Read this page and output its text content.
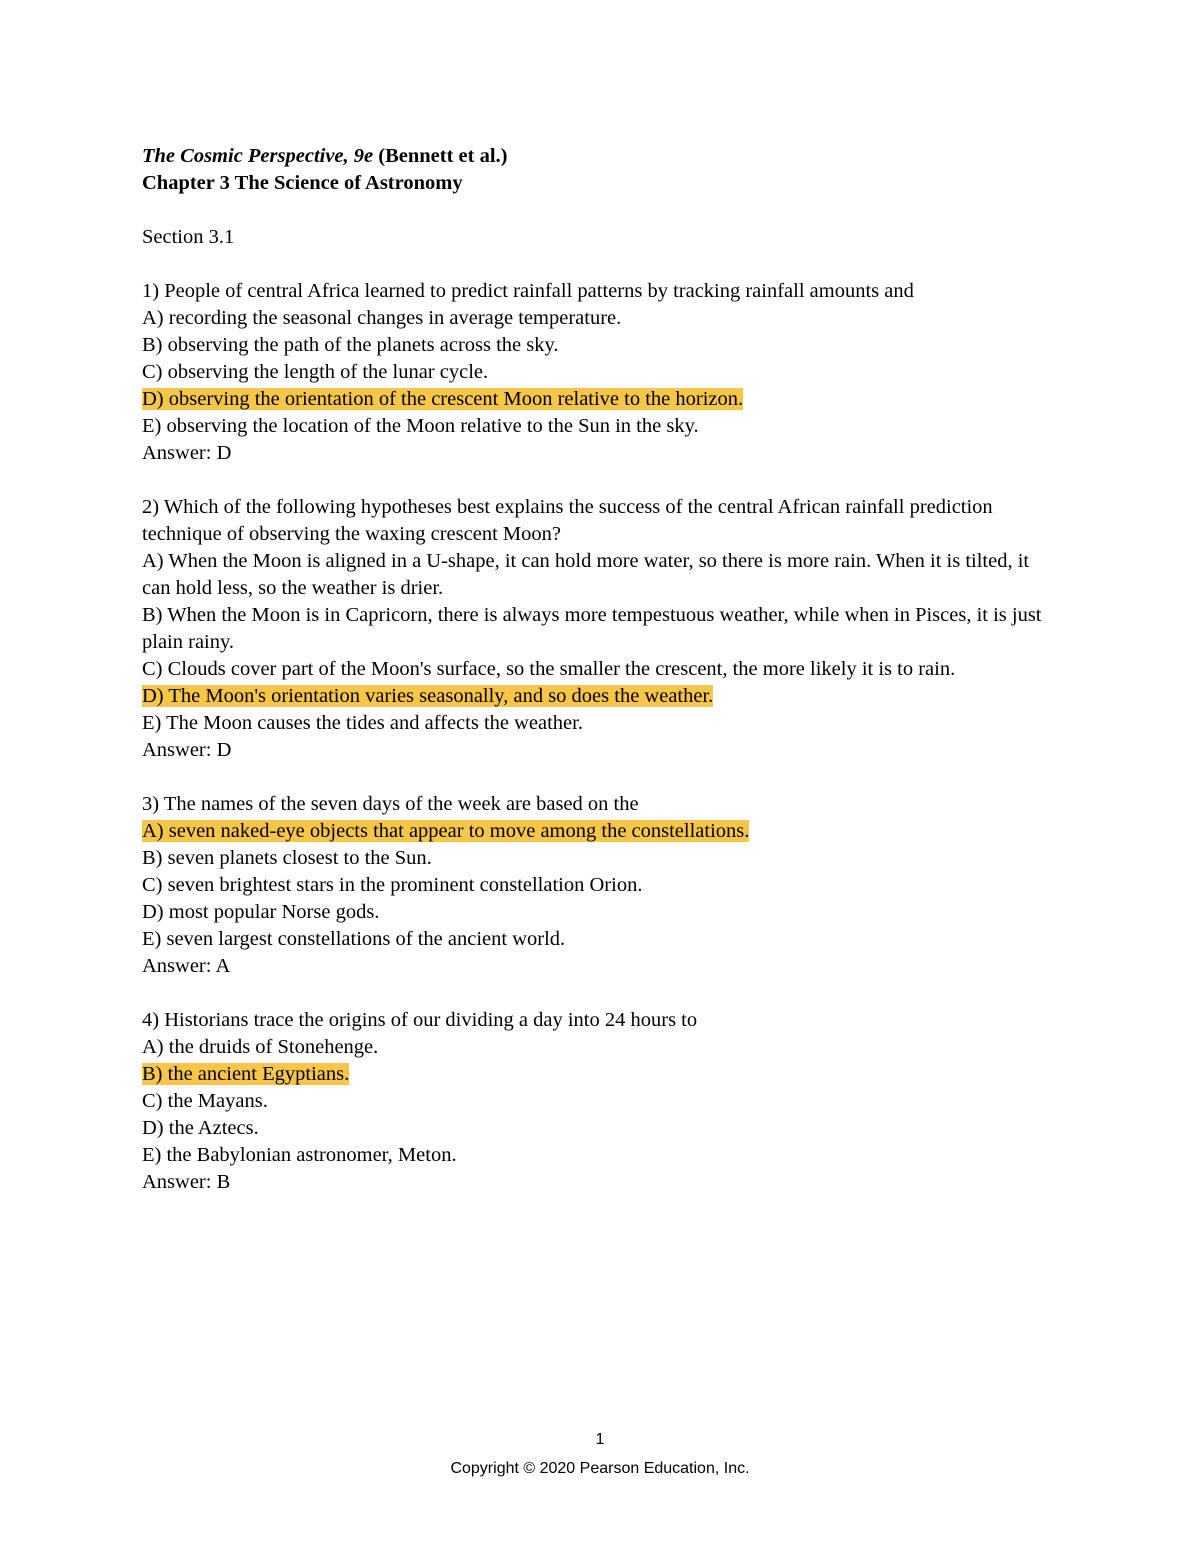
The Cosmic Perspective, 9e (Bennett et al.)
Chapter 3 The Science of Astronomy
Section 3.1
1) People of central Africa learned to predict rainfall patterns by tracking rainfall amounts and
A) recording the seasonal changes in average temperature.
B) observing the path of the planets across the sky.
C) observing the length of the lunar cycle.
D) observing the orientation of the crescent Moon relative to the horizon.
E) observing the location of the Moon relative to the Sun in the sky.
Answer: D
2) Which of the following hypotheses best explains the success of the central African rainfall prediction technique of observing the waxing crescent Moon?
A) When the Moon is aligned in a U-shape, it can hold more water, so there is more rain. When it is tilted, it can hold less, so the weather is drier.
B) When the Moon is in Capricorn, there is always more tempestuous weather, while when in Pisces, it is just plain rainy.
C) Clouds cover part of the Moon's surface, so the smaller the crescent, the more likely it is to rain.
D) The Moon's orientation varies seasonally, and so does the weather.
E) The Moon causes the tides and affects the weather.
Answer: D
3) The names of the seven days of the week are based on the
A) seven naked-eye objects that appear to move among the constellations.
B) seven planets closest to the Sun.
C) seven brightest stars in the prominent constellation Orion.
D) most popular Norse gods.
E) seven largest constellations of the ancient world.
Answer: A
4) Historians trace the origins of our dividing a day into 24 hours to
A) the druids of Stonehenge.
B) the ancient Egyptians.
C) the Mayans.
D) the Aztecs.
E) the Babylonian astronomer, Meton.
Answer: B
1
Copyright © 2020 Pearson Education, Inc.
